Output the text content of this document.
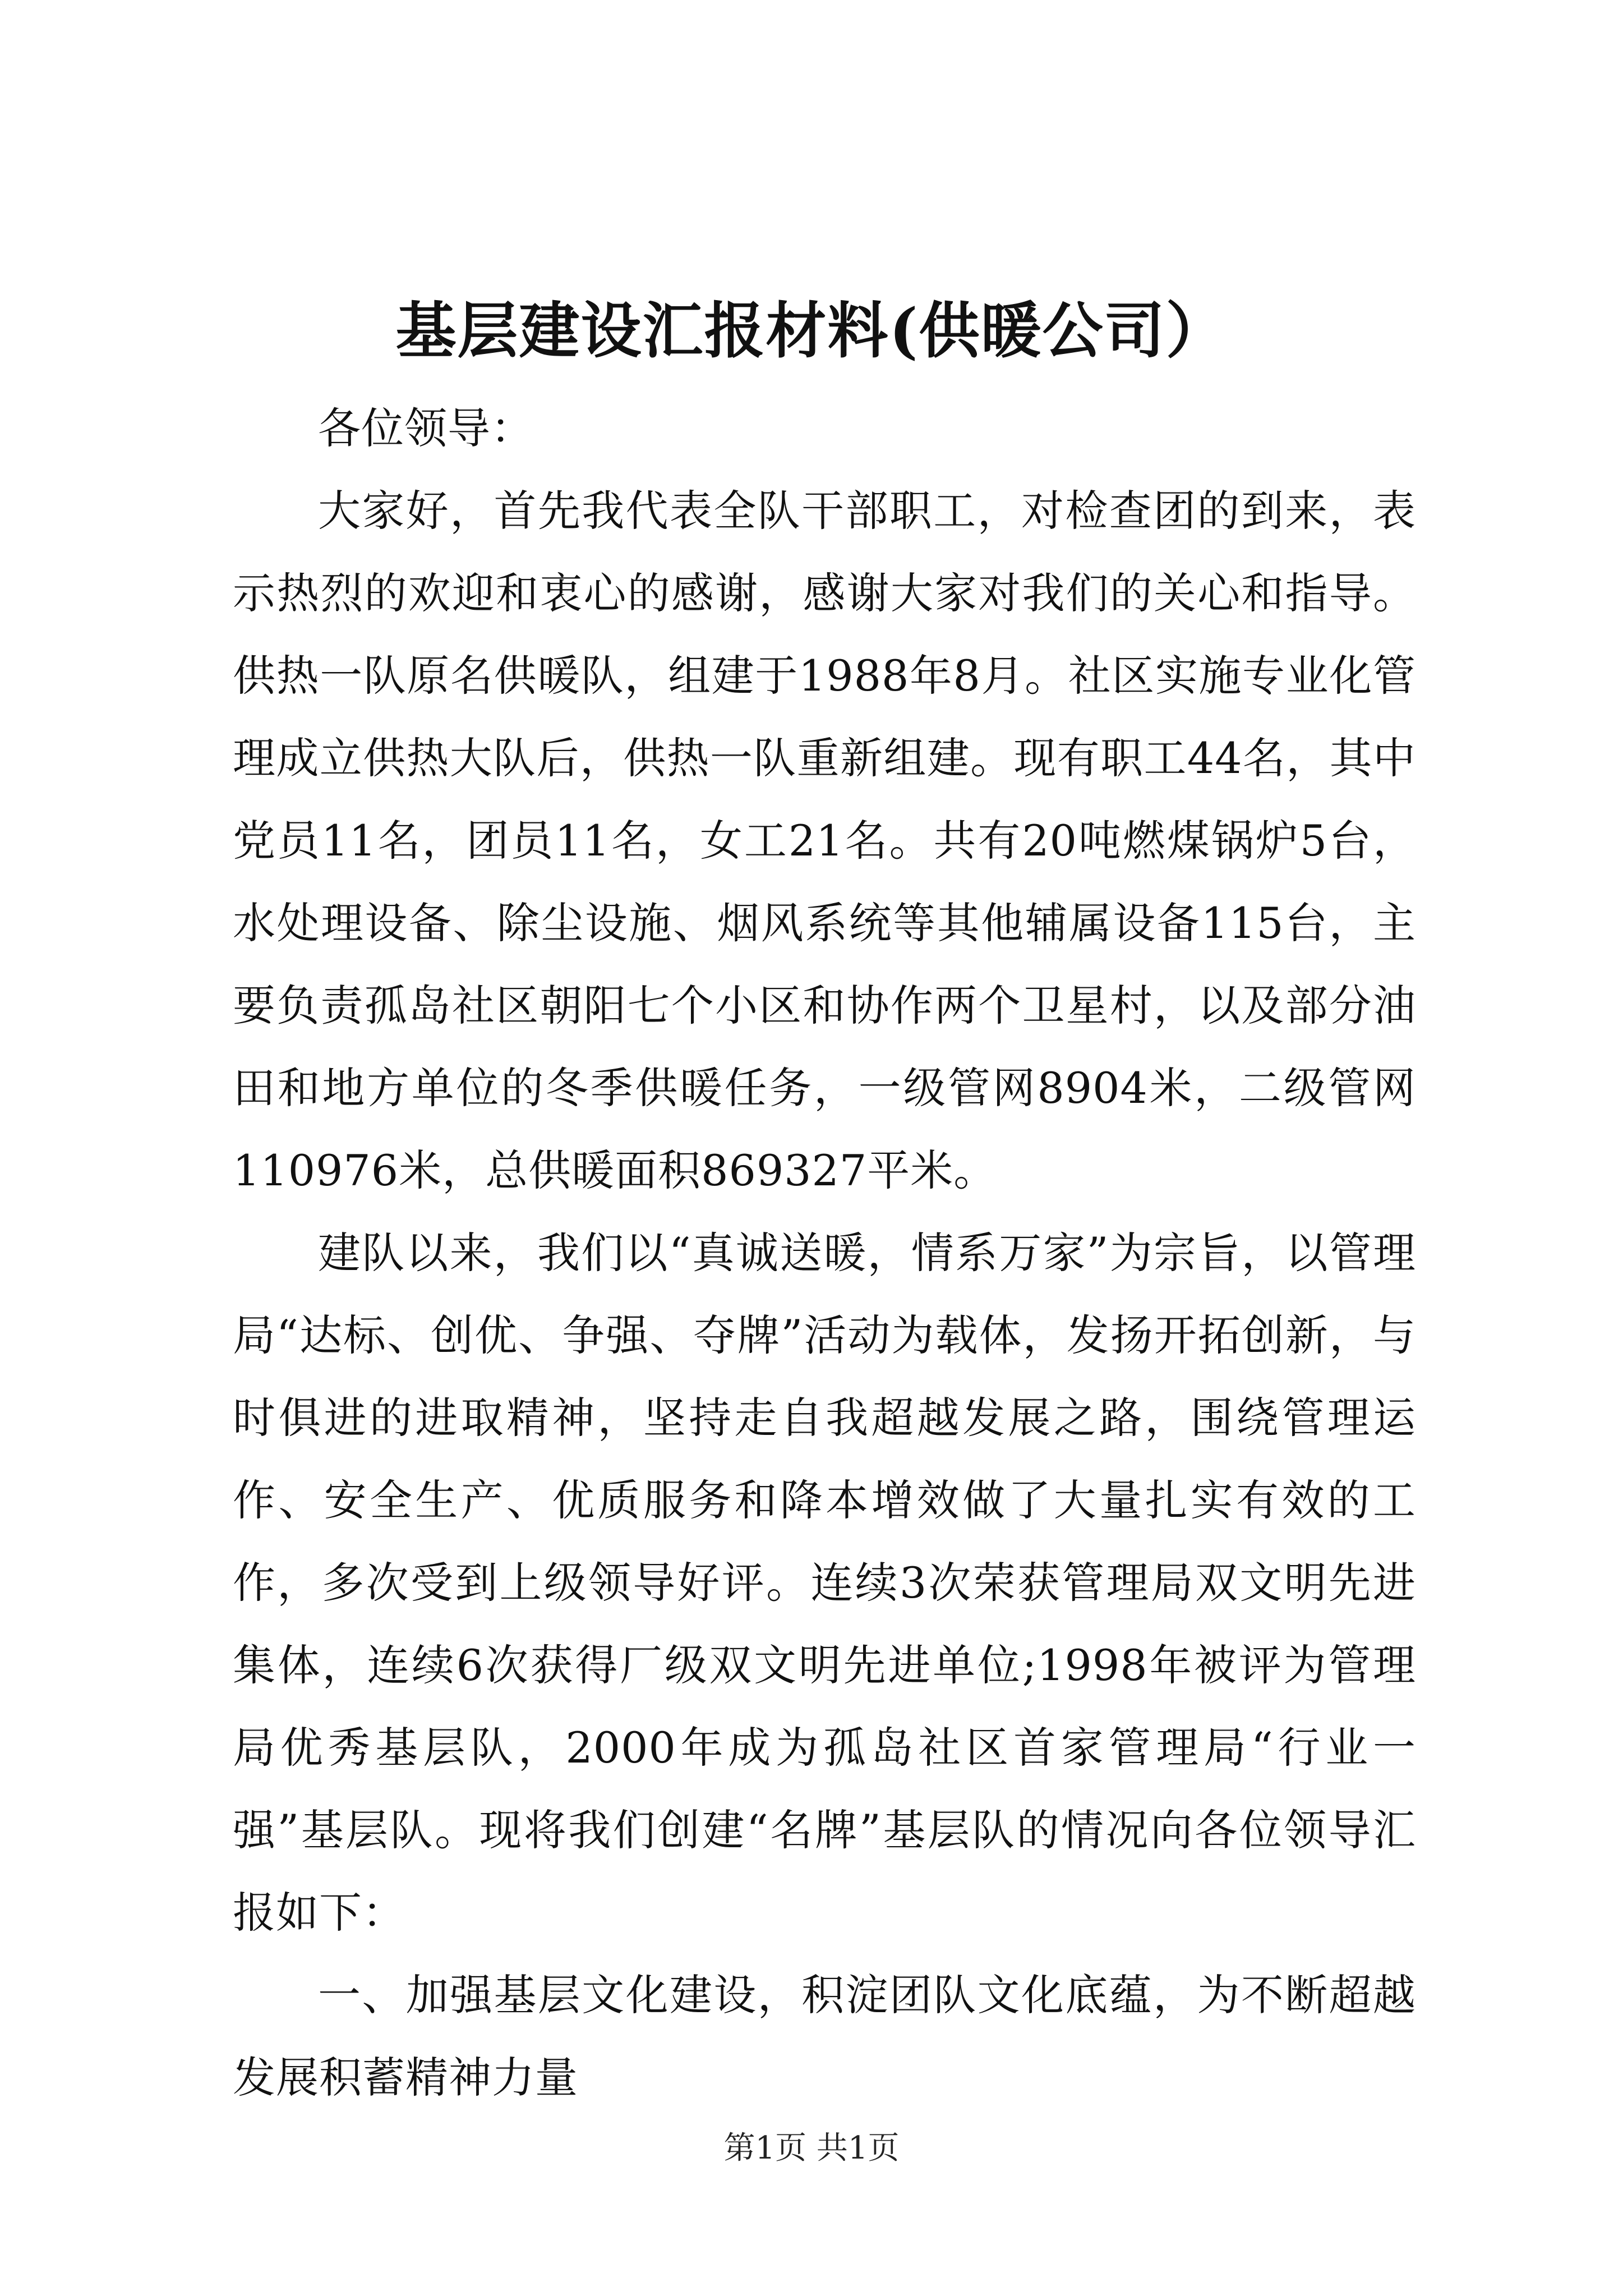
基层建设汇报材料(供暖公司）

各位领导：

大家好，首先我代表全队干部职工，对检查团的到来，表示热烈的欢迎和衷心的感谢，感谢大家对我们的关心和指导。供热一队原名供暖队，组建于1988年8月。社区实施专业化管理成立供热大队后，供热一队重新组建。现有职工44名，其中党员11名，团员11名，女工21名。共有20吨燃煤锅炉5台，水处理设备、除尘设施、烟风系统等其他辅属设备115台，主要负责孤岛社区朝阳七个小区和协作两个卫星村，以及部分油田和地方单位的冬季供暖任务，一级管网8904米，二级管网110976米，总供暖面积869327平米。

建队以来，我们以“真诚送暖，情系万家”为宗旨，以管理局“达标、创优、争强、夺牌”活动为载体，发扬开拓创新，与时俱进的进取精神，坚持走自我超越发展之路，围绕管理运作、安全生产、优质服务和降本增效做了大量扎实有效的工作，多次受到上级领导好评。连续3次荣获管理局双文明先进集体，连续6次获得厂级双文明先进单位;1998年被评为管理局优秀基层队，2000年成为孤岛社区首家管理局“行业一强”基层队。现将我们创建“名牌”基层队的情况向各位领导汇报如下：

一、加强基层文化建设，积淀团队文化底蕴，为不断超越发展积蓄精神力量

第1页 共1页
